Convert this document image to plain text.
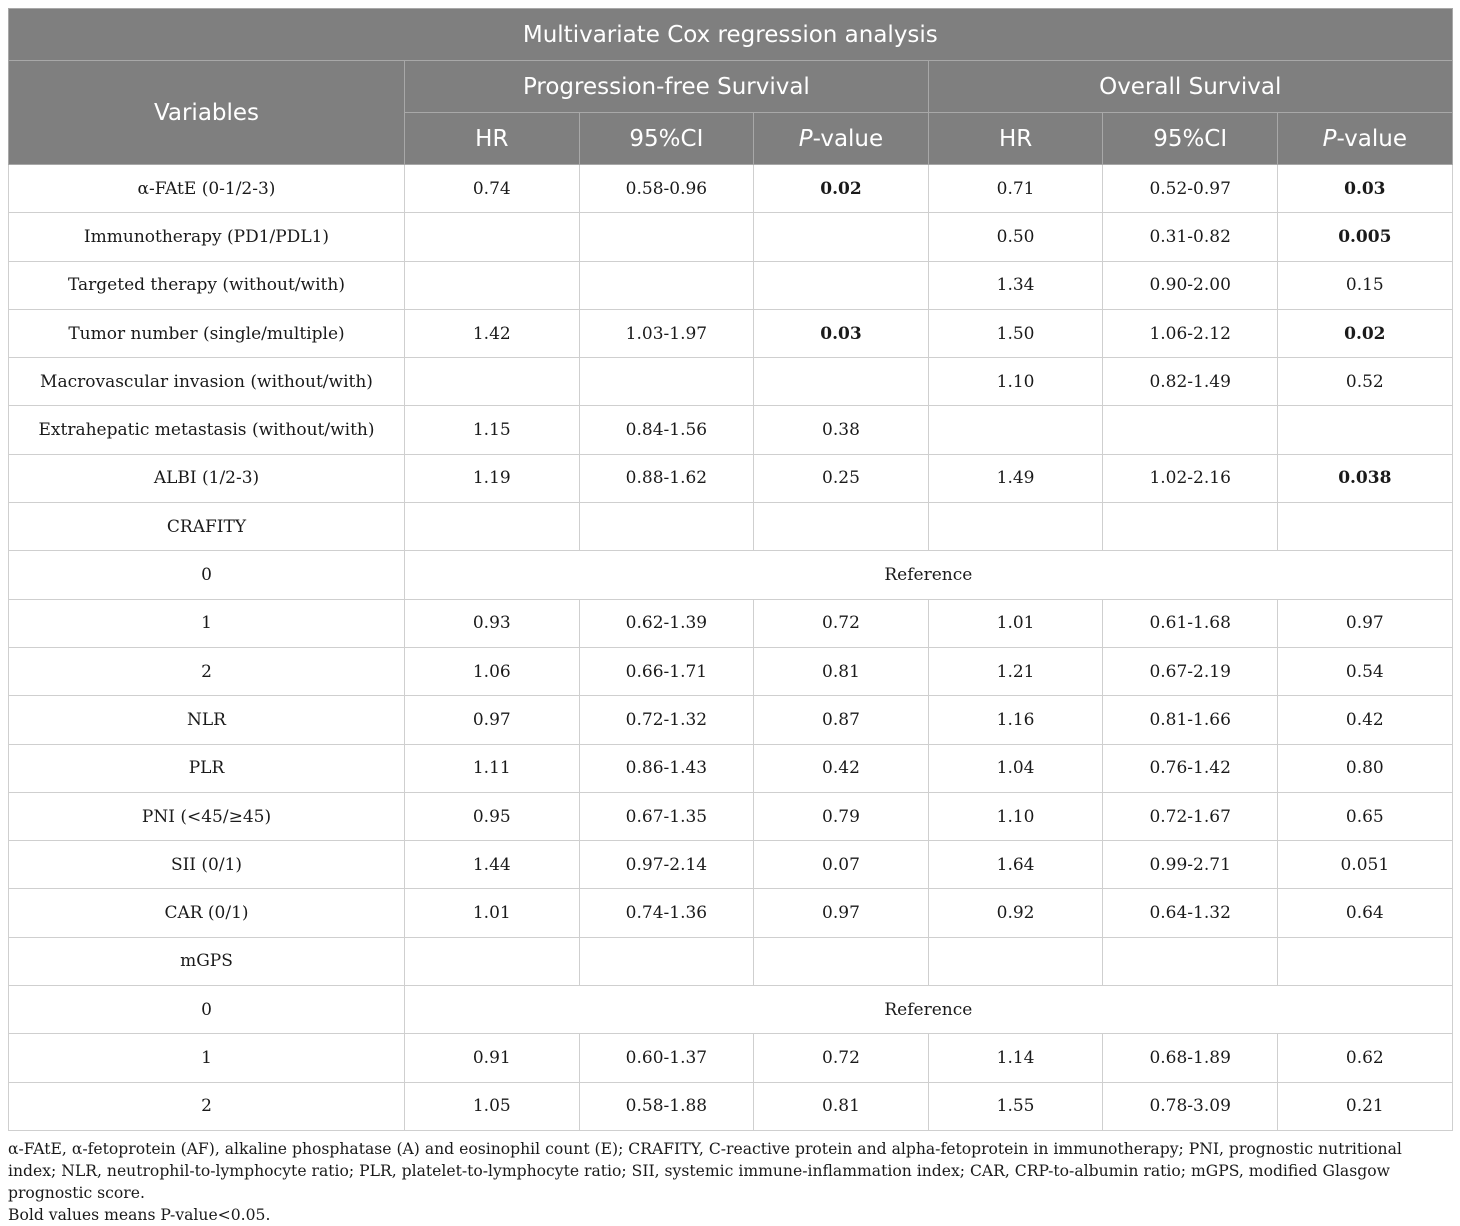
Multivariate Cox regression analysis						
Variables	Progression-free Survival			Overall Survival		
	HR	95%CI	P-value	HR	95%CI	P-value
α-FAtE (0-1/2-3)	0.74	0.58-0.96	0.02	0.71	0.52-0.97	0.03
Immunotherapy (PD1/PDL1)				0.50	0.31-0.82	0.005
Targeted therapy (without/with)				1.34	0.90-2.00	0.15
Tumor number (single/multiple)	1.42	1.03-1.97	0.03	1.50	1.06-2.12	0.02
Macrovascular invasion (without/with)				1.10	0.82-1.49	0.52
Extrahepatic metastasis (without/with)	1.15	0.84-1.56	0.38			
ALBI (1/2-3)	1.19	0.88-1.62	0.25	1.49	1.02-2.16	0.038
CRAFITY						
0	Reference					
1	0.93	0.62-1.39	0.72	1.01	0.61-1.68	0.97
2	1.06	0.66-1.71	0.81	1.21	0.67-2.19	0.54
NLR	0.97	0.72-1.32	0.87	1.16	0.81-1.66	0.42
PLR	1.11	0.86-1.43	0.42	1.04	0.76-1.42	0.80
PNI (<45/≥45)	0.95	0.67-1.35	0.79	1.10	0.72-1.67	0.65
SII (0/1)	1.44	0.97-2.14	0.07	1.64	0.99-2.71	0.051
CAR (0/1)	1.01	0.74-1.36	0.97	0.92	0.64-1.32	0.64
mGPS						
0	Reference					
1	0.91	0.60-1.37	0.72	1.14	0.68-1.89	0.62
2	1.05	0.58-1.88	0.81	1.55	0.78-3.09	0.21

α-FAtE, α-fetoprotein (AF), alkaline phosphatase (A) and eosinophil count (E); CRAFITY, C-reactive protein and alpha-fetoprotein in immunotherapy; PNI, prognostic nutritional index; NLR, neutrophil-to-lymphocyte ratio; PLR, platelet-to-lymphocyte ratio; SII, systemic immune-inflammation index; CAR, CRP-to-albumin ratio; mGPS, modified Glasgow prognostic score.

Bold values means P-value<0.05.
